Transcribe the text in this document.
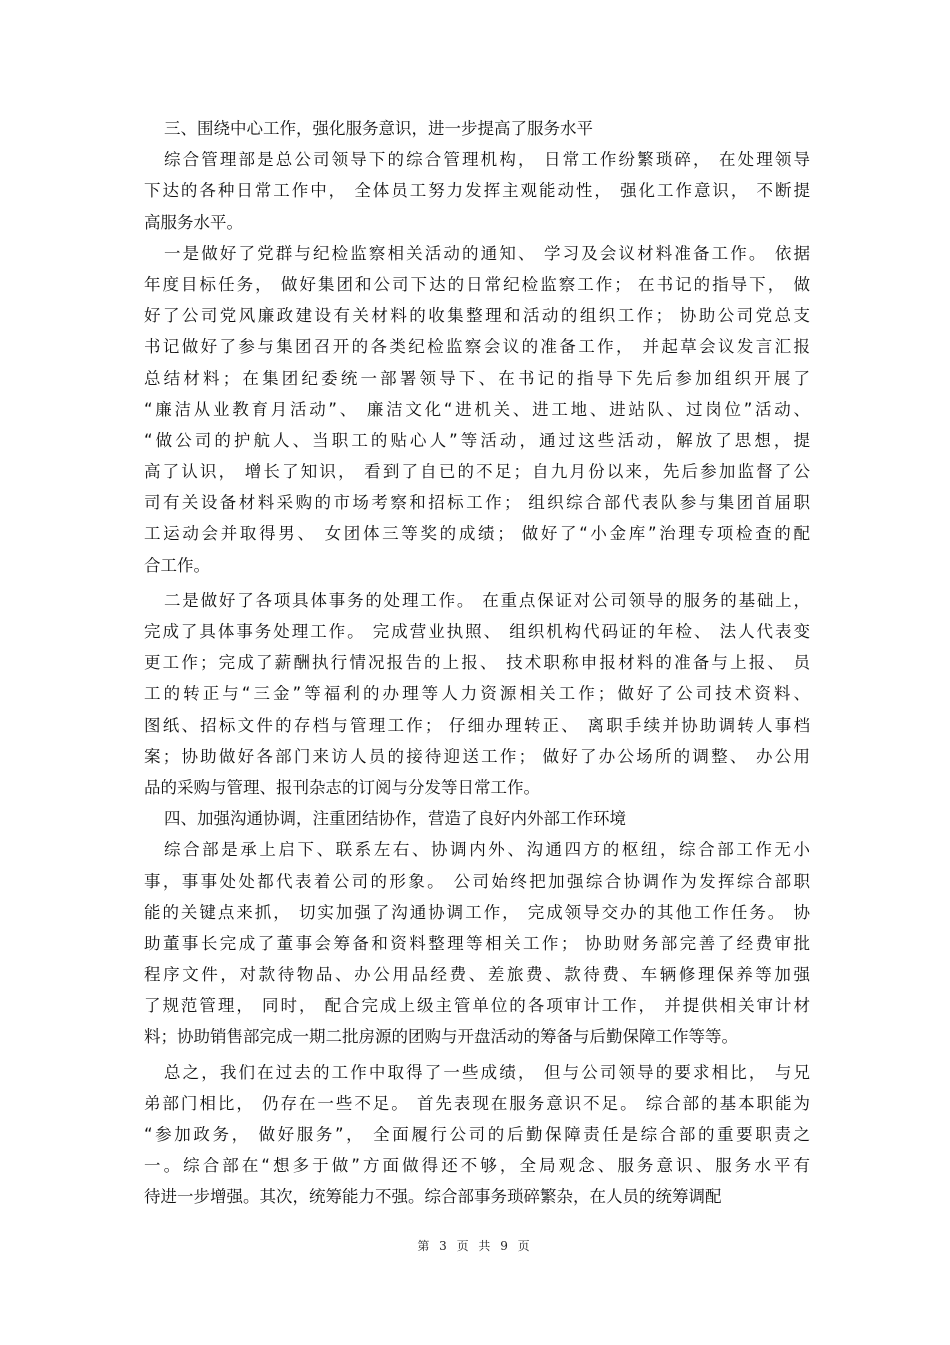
三、围绕中心工作，强化服务意识，进一步提高了服务水平
综合管理部是总公司领导下的综合管理机构， 日常工作纷繁琐碎， 在处理领导
下达的各种日常工作中， 全体员工努力发挥主观能动性， 强化工作意识， 不断提
高服务水平。
一是做好了党群与纪检监察相关活动的通知、 学习及会议材料准备工作。 依据
年度目标任务， 做好集团和公司下达的日常纪检监察工作； 在书记的指导下， 做
好了公司党风廉政建设有关材料的收集整理和活动的组织工作； 协助公司党总支
书记做好了参与集团召开的各类纪检监察会议的准备工作， 并起草会议发言汇报
总结材料；在集团纪委统一部署领导下、在书记的指导下先后参加组织开展了
“廉洁从业教育月活动”、 廉洁文化“进机关、进工地、进站队、过岗位”活动、
“做公司的护航人、当职工的贴心人”等活动，通过这些活动，解放了思想，提
高了认识， 增长了知识， 看到了自已的不足；自九月份以来，先后参加监督了公
司有关设备材料采购的市场考察和招标工作； 组织综合部代表队参与集团首届职
工运动会并取得男、 女团体三等奖的成绩； 做好了“小金库”治理专项检查的配
合工作。
二是做好了各项具体事务的处理工作。 在重点保证对公司领导的服务的基础上，
完成了具体事务处理工作。 完成营业执照、 组织机构代码证的年检、 法人代表变
更工作；完成了薪酬执行情况报告的上报、 技术职称申报材料的准备与上报、 员
工的转正与“三金”等福利的办理等人力资源相关工作；做好了公司技术资料、
图纸、招标文件的存档与管理工作； 仔细办理转正、 离职手续并协助调转人事档
案；协助做好各部门来访人员的接待迎送工作； 做好了办公场所的调整、 办公用
品的采购与管理、报刊杂志的订阅与分发等日常工作。
四、加强沟通协调，注重团结协作，营造了良好内外部工作环境
综合部是承上启下、联系左右、协调内外、沟通四方的枢纽，综合部工作无小
事，事事处处都代表着公司的形象。 公司始终把加强综合协调作为发挥综合部职
能的关键点来抓， 切实加强了沟通协调工作， 完成领导交办的其他工作任务。 协
助董事长完成了董事会筹备和资料整理等相关工作； 协助财务部完善了经费审批
程序文件，对款待物品、办公用品经费、差旅费、款待费、车辆修理保养等加强
了规范管理， 同时， 配合完成上级主管单位的各项审计工作， 并提供相关审计材
料；协助销售部完成一期二批房源的团购与开盘活动的筹备与后勤保障工作等等。
总之，我们在过去的工作中取得了一些成绩， 但与公司领导的要求相比， 与兄
弟部门相比， 仍存在一些不足。 首先表现在服务意识不足。 综合部的基本职能为
“参加政务， 做好服务”， 全面履行公司的后勤保障责任是综合部的重要职责之
一。综合部在“想多于做”方面做得还不够，全局观念、服务意识、服务水平有
待进一步增强。其次，统筹能力不强。综合部事务琐碎繁杂，在人员的统筹调配
第 3 页 共 9 页
